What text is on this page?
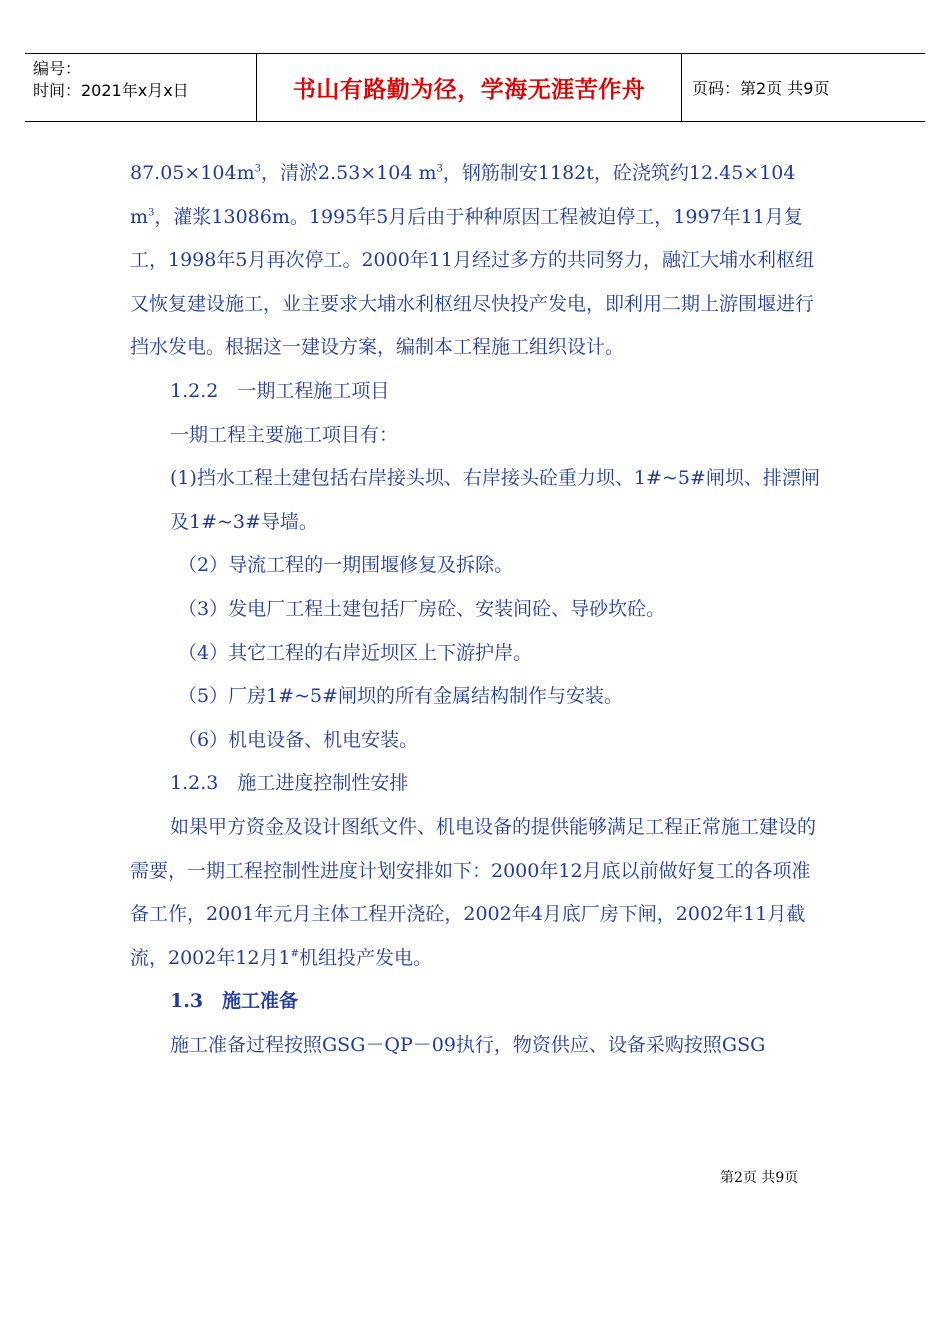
编号：
时间：2021年x月x日	书山有路勤为径，学海无涯苦作舟	页码：第2页 共9页

$87.05\times 104m^3$，清淤2.53×104 $m^3$，钢筋制安1182t，砼浇筑约12.45×104 $m^3$，灌浆13086m。1995年5月后由于种种原因工程被迫停工，1997年11月复工，1998年5月再次停工。2000年11月经过多方的共同努力，融江大埔水利枢纽又恢复建设施工，业主要求大埔水利枢纽尽快投产发电，即利用二期上游围堰进行挡水发电。根据这一建设方案，编制本工程施工组织设计。

1.2.2　一期工程施工项目

一期工程主要施工项目有：

(1)挡水工程土建包括右岸接头坝、右岸接头砼重力坝、1#~5#闸坝、排漂闸及1#~3#导墙。

（2）导流工程的一期围堰修复及拆除。

（3）发电厂工程土建包括厂房砼、安装间砼、导砂坎砼。

（4）其它工程的右岸近坝区上下游护岸。

（5）厂房1#~5#闸坝的所有金属结构制作与安装。

（6）机电设备、机电安装。

1.2.3　施工进度控制性安排

如果甲方资金及设计图纸文件、机电设备的提供能够满足工程正常施工建设的需要，一期工程控制性进度计划安排如下：2000年12月底以前做好复工的各项准备工作，2001年元月主体工程开浇砼，2002年4月底厂房下闸，2002年11月截流，2002年12月1#机组投产发电。

1.3　施工准备

施工准备过程按照GSG－QP－09执行，物资供应、设备采购按照GSG

第2页 共9页
